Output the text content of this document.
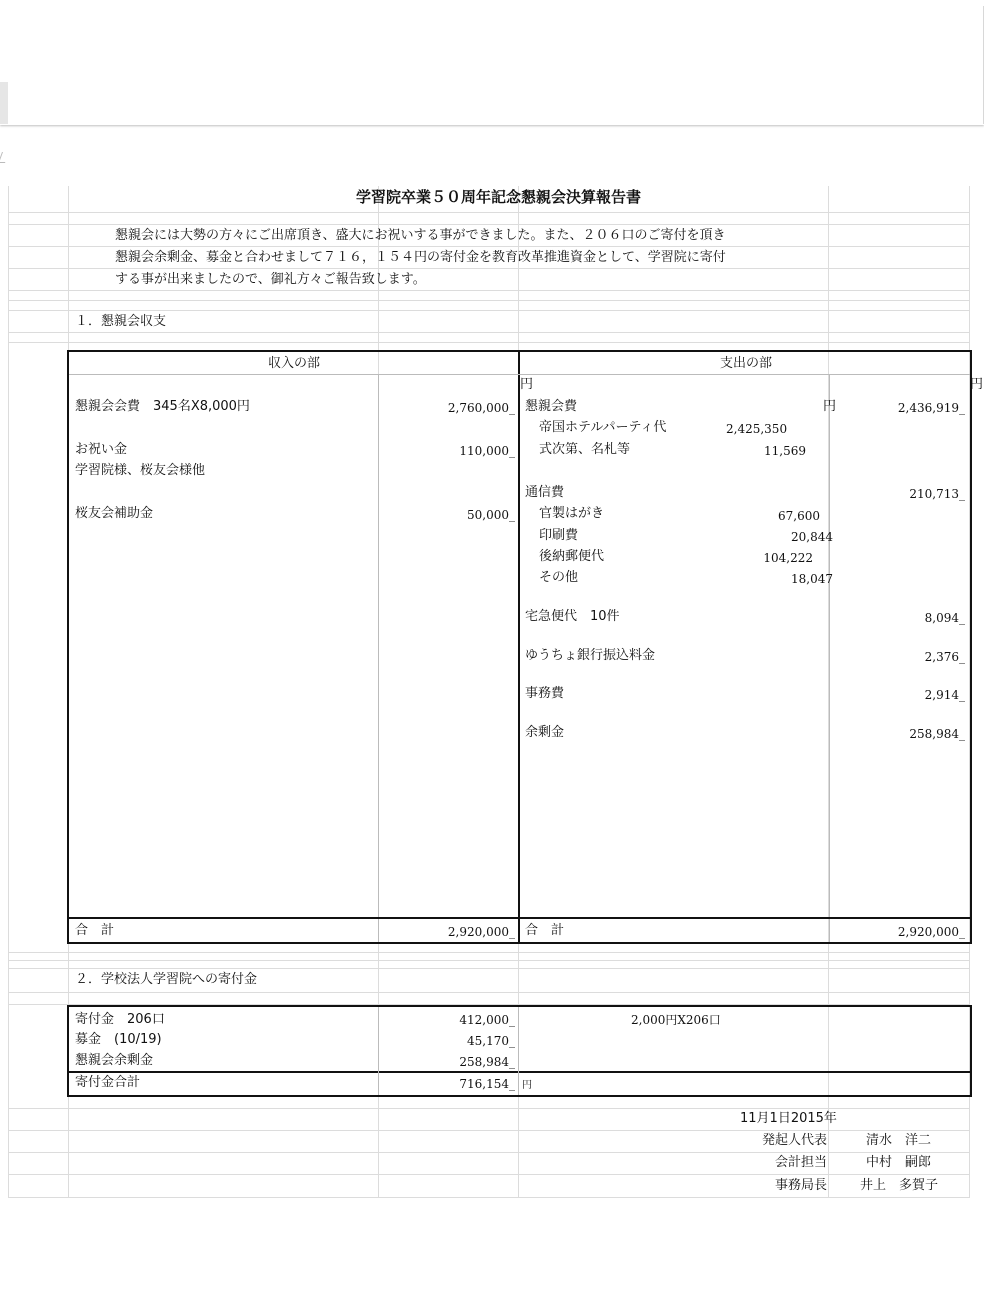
学習院卒業５０周年記念懇親会決算報告書
懇親会には大勢の方々にご出席頂き、盛大にお祝いする事ができました。また、２０６口のご寄付を頂き
懇親会余剰金、募金と合わせまして７１６，１５４円の寄付金を教育改革推進資金として、学習院に寄付
する事が出来ましたので、御礼方々ご報告致します。
１．懇親会収支
収入の部	支出の部
懇親会会費　345名X8,000円	2,760,000_
お祝い金	110,000_
学習院様、桜友会様他
桜友会補助金	50,000_
円	円
懇親会費	円	2,436,919_
帝国ホテルパーティ代	2,425,350
式次第、名札等	11,569
通信費	210,713_
官製はがき	67,600
印刷費	20,844
後納郵便代	104,222
その他	18,047
宅急便代　10件	8,094_
ゆうちょ銀行振込料金	2,376_
事務費	2,914_
余剰金	258,984_
合　計	2,920,000_ 合　計	2,920,000_
２．学校法人学習院への寄付金
寄付金　206口	412,000_	2,000円X206口
募金　(10/19)	45,170_
懇親会余剰金	258,984_
寄付金合計	716,154_ 円
11月1日2015年
発起人代表	清水　洋二
会計担当	中村　嗣郎
事務局長	井上　多賀子
